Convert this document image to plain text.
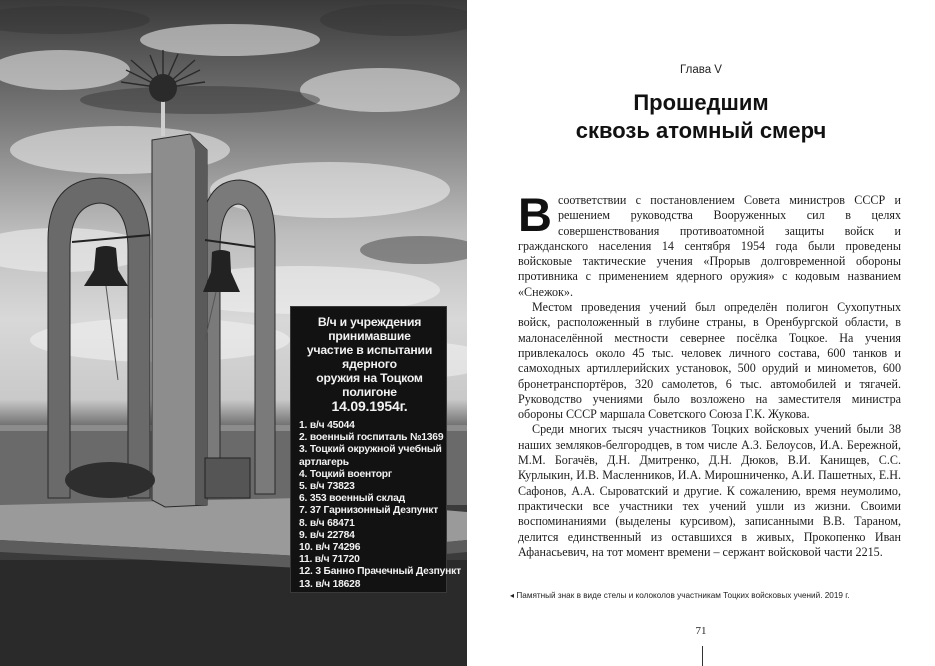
В/ч и учреждения принимавшие
участие в испытании ядерного
оружия на Тоцком полигоне
14.09.1954г.
1. в/ч 45044
2. военный госпиталь №1369
3. Тоцкий окружной учебный
артлагерь
4. Тоцкий военторг
5. в/ч 73823
6. 353 военный склад
7. 37 Гарнизонный Дезпункт
8. в/ч 68471
9. в/ч 22784
10. в/ч 74296
11. в/ч 71720
12. 3 Банно Прачечный Дезпункт
13. в/ч 18628
Глава V
Прошедшим
сквозь атомный смерч

В соответствии с постановлением Совета министров СССР и решением руководства Вооруженных сил в целях совершенствования противоатомной защиты войск и гражданского населения 14 сентября 1954 года были проведены войсковые тактические учения «Прорыв долговременной обороны противника с применением ядерного оружия» с кодовым названием «Снежок».

Местом проведения учений был определён полигон Сухопутных войск, расположенный в глубине страны, в Оренбургской области, в малонаселённой местности севернее посёлка Тоцкое. На учения привлекалось около 45 тыс. человек личного состава, 600 танков и самоходных артиллерийских установок, 500 орудий и минометов, 600 бронетранспортёров, 320 самолетов, 6 тыс. автомобилей и тягачей. Руководство учениями было возложено на заместителя министра обороны СССР маршала Советского Союза Г.К. Жукова.

Среди многих тысяч участников Тоцких войсковых учений были 38 наших земляков-белгородцев, в том числе А.З. Белоусов, И.А. Бережной, М.М. Богачёв, Д.Н. Дмитренко, Д.Н. Дюков, В.И. Канищев, С.С. Курлыкин, И.В. Масленников, И.А. Мирошниченко, А.И. Пашетных, Е.Н. Сафонов, А.А. Сыроватский и другие. К сожалению, время неумолимо, практически все участники тех учений ушли из жизни. Своими воспоминаниями (выделены курсивом), записанными В.В. Тараном, делится единственный из оставшихся в живых, Прокопенко Иван Афанасьевич, на тот момент времени – сержант войсковой части 2215.

◂ Памятный знак в виде стелы и колоколов участникам Тоцких войсковых учений. 2019 г.
71
